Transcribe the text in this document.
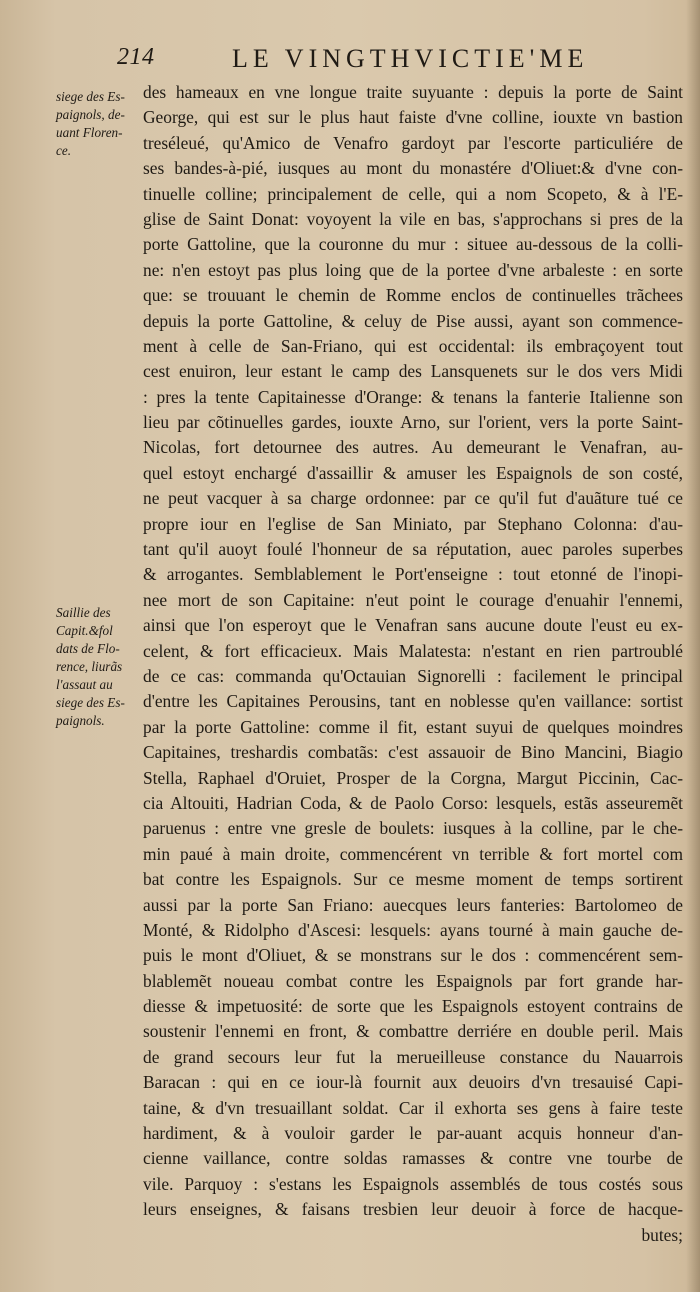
214	LE VINGTHVICTIE'ME
siege des Es-
paignols, de-
uant Floren-
ce.
Saillie des
Capit.&fol
dats de Flo-
rence, liurãs
l'assaut au
siege des Es-
paignols.
des hameaux en vne longue traite suyuante : depuis la porte de Saint
George, qui est sur le plus haut faiste d'vne colline, iouxte vn bastion
treséleué, qu'Amico de Venafro gardoyt par l'escorte particuliére de
ses bandes-à-pié, iusques au mont du monastére d'Oliuet:& d'vne con-
tinuelle colline; principalement de celle, qui a nom Scopeto, & à l'E-
glise de Saint Donat: voyoyent la vile en bas, s'approchans si pres de la
porte Gattoline, que la couronne du mur : situee au-dessous de la colli-
ne: n'en estoyt pas plus loing que de la portee d'vne arbaleste : en sorte
que: se trouuant le chemin de Romme enclos de continuelles trãchees
depuis la porte Gattoline, & celuy de Pise aussi, ayant son commence-
ment à celle de San-Friano, qui est occidental: ils embraçoyent tout
cest enuiron, leur estant le camp des Lansquenets sur le dos vers Midi
: pres la tente Capitainesse d'Orange: & tenans la fanterie Italienne son
lieu par cõtinuelles gardes, iouxte Arno, sur l'orient, vers la porte Saint-
Nicolas, fort detournee des autres. Au demeurant le Venafran, au-
quel estoyt enchargé d'assaillir & amuser les Espaignols de son costé,
ne peut vacquer à sa charge ordonnee: par ce qu'il fut d'auãture tué ce
propre iour en l'eglise de San Miniato, par Stephano Colonna: d'au-
tant qu'il auoyt foulé l'honneur de sa réputation, auec paroles superbes
& arrogantes. Semblablement le Port'enseigne : tout etonné de l'inopi-
nee mort de son Capitaine: n'eut point le courage d'enuahir l'ennemi,
ainsi que l'on esperoyt que le Venafran sans aucune doute l'eust eu ex-
celent, & fort efficacieux. Mais Malatesta: n'estant en rien partroublé
de ce cas: commanda qu'Octauian Signorelli : facilement le principal
d'entre les Capitaines Perousins, tant en noblesse qu'en vaillance: sortist
par la porte Gattoline: comme il fit, estant suyui de quelques moindres
Capitaines, treshardis combatãs: c'est assauoir de Bino Mancini, Biagio
Stella, Raphael d'Oruiet, Prosper de la Corgna, Margut Piccinin, Cac-
cia Altouiti, Hadrian Coda, & de Paolo Corso: lesquels, estãs asseuremẽt
paruenus : entre vne gresle de boulets: iusques à la colline, par le che-
min paué à main droite, commencérent vn terrible & fort mortel com
bat contre les Espaignols. Sur ce mesme moment de temps sortirent
aussi par la porte San Friano: auecques leurs fanteries: Bartolomeo de
Monté, & Ridolpho d'Ascesi: lesquels: ayans tourné à main gauche de-
puis le mont d'Oliuet, & se monstrans sur le dos : commencérent sem-
blablemẽt noueau combat contre les Espaignols par fort grande har-
diesse & impetuosité: de sorte que les Espaignols estoyent contrains de
soustenir l'ennemi en front, & combattre derriére en double peril. Mais
de grand secours leur fut la merueilleuse constance du Nauarrois
Baracan : qui en ce iour-là fournit aux deuoirs d'vn tresauisé Capi-
taine, & d'vn tresuaillant soldat. Car il exhorta ses gens à faire teste
hardiment, & à vouloir garder le par-auant acquis honneur d'an-
cienne vaillance, contre soldas ramasses & contre vne tourbe de
vile. Parquoy : s'estans les Espaignols assemblés de tous costés sous
leurs enseignes, & faisans tresbien leur deuoir à force de hacque-
butes;
